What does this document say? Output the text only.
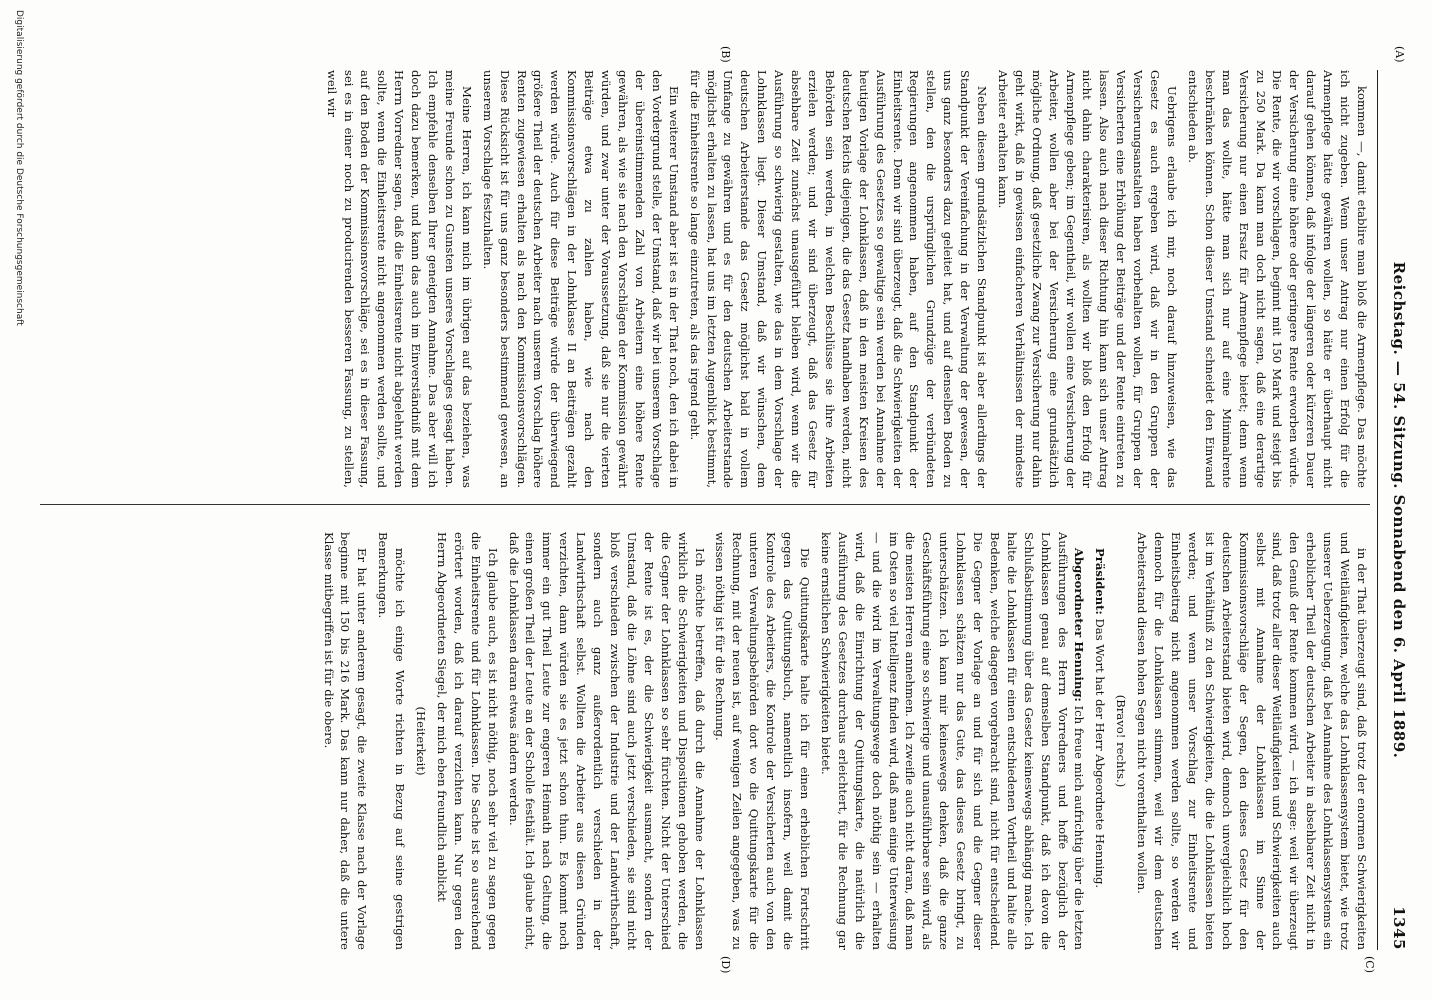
Reichstag. — 54. Sitzung. Sonnabend den 6. April 1889.
1345
(A)
(C)
(B)
(D)

kommen —, damit etablire man bloß die Armenpflege. Das möchte ich nicht zugeben. Wenn unser Antrag nur einen Erfolg für die Armenpflege hätte gewähren wollen, so hätte er überhaupt nicht darauf gehen können, daß infolge der längeren oder kürzeren Dauer der Versicherung eine höhere oder geringere Rente erworben würde. Die Rente, die wir vorschlagen, beginnt mit 150 Mark und steigt bis zu 250 Mark. Da kann man doch nicht sagen, daß eine derartige Versicherung nur einen Ersatz für Armenpflege bietet; denn wenn man das wollte, hätte man sich nur auf eine Minimalrente beschränken können. Schon dieser Umstand schneidet den Einwand entschieden ab.

Uebrigens erlaube ich mir, noch darauf hinzuweisen, wie das Gesetz es auch ergeben wird, daß wir in den Gruppen der Versicherungsanstalten haben vorbehalten wollen, für Gruppen der Versicherten eine Erhöhung der Beiträge und der Rente eintreten zu lassen. Also auch nach dieser Richtung hin kann sich unser Antrag nicht dahin charakterisiren, als wollten wir bloß den Erfolg für Armenpflege geben; im Gegentheil, wir wollen eine Versicherung der Arbeiter, wollen aber bei der Versicherung eine grundsätzlich mögliche Ordnung, daß gesetzliche Zwang zur Versicherung nur dahin geht wirkt, daß in gewissen einfacheren Verhältnissen der mindeste Arbeiter erhalten kann.

Neben diesem grundsätzlichen Standpunkt ist aber allerdings der Standpunkt der Vereinfachung in der Verwaltung der gewesen, der uns ganz besonders dazu geleitet hat, und auf denselben Boden zu stellen, den die ursprünglichen Grundzüge der verbündeten Regierungen angenommen haben, auf den Standpunkt der Einheitsrente. Denn wir sind überzeugt, daß die Schwierigkeiten der Ausführung des Gesetzes so gewaltige sein werden bei Annahme der heutigen Vorlage der Lohnklassen, daß in den meisten Kreisen des deutschen Reichs diejenigen, die das Gesetz handhaben werden, nicht Behörden sein werden, in welchen Beschlüsse sie ihre Arbeiten erzielen werden; und wir sind überzeugt, daß das Gesetz für absehbare Zeit zunächst unausgeführt bleiben wird, wenn wir die Ausführung so schwierig gestalten, wie das in dem Vorschlage der Lohnklassen liegt. Dieser Umstand, daß wir wünschen, dem deutschen Arbeiterstande das Gesetz möglichst bald in vollem Umfange zu gewähren und es für den deutschen Arbeiterstande möglichst erhalten zu lassen, hat uns im letzten Augenblick bestimmt, für die Einheitsrente so lange einzutreten, als das irgend geht.

Ein weiterer Umstand aber ist es in der That noch, den ich dabei in den Vordergrund stelle, der Umstand, daß wir bei unserem Vorschlage der übereinstimmenden Zahl von Arbeitern eine höhere Rente gewähren, als wie sie nach den Vorschlägen der Kommission gewährt würden, und zwar unter der Voraussetzung, daß sie nur die vierten Beiträge etwa zu zahlen haben, wie nach den Kommissionsvorschlägen in der Lohnklasse II an Beiträgen gezahlt werden würde. Auch für diese Beiträge würde der überwiegend größere Theil der deutschen Arbeiter nach unserem Vorschlag höhere Renten zugewiesen erhalten als nach den Kommissionsvorschlägen. Diese Rücksicht ist für uns ganz besonders bestimmend gewesen, an unserem Vorschlage festzuhalten.

Meine Herren, ich kann mich im übrigen auf das beziehen, was meine Freunde schon zu Gunsten unseres Vorschlages gesagt haben. Ich empfehle denselben Ihrer geneigten Annahme. Das aber will ich doch dazu bemerken, und kann das auch im Einverständniß mit dem Herrn Vorredner sagen, daß die Einheitsrente nicht abgelehnt werden sollte, wenn die Einheitsrente nicht angenommen werden sollte, und auf den Boden der Kommissionsvorschläge, sei es in dieser Fassung, sei es in einer noch zu producirenden besseren Fassung, zu stellen, weil wir

in der That überzeugt sind, daß trotz der enormen Schwierigkeiten und Weitläufigkeiten, welche das Lohnklassensystem bietet, wie trotz unserer Ueberzeugung, daß bei Annahme des Lohnklassensystems ein erheblicher Theil der deutschen Arbeiter in absehbarer Zeit nicht in den Genuß der Rente kommen wird, — ich sage: weil wir überzeugt sind, daß trotz aller dieser Weitläufigkeiten und Schwierigkeiten auch selbst mit Annahme der Lohnklassen im Sinne der Kommissionsvorschläge der Segen, den dieses Gesetz für den deutschen Arbeiterstand bieten wird, dennoch unvergleichlich hoch ist im Verhältniß zu den Schwierigkeiten, die die Lohnklassen bieten werden; und wenn unser Vorschlag zur Einheitsrente und Einheitsbeitrag nicht angenommen werden sollte, so werden wir dennoch für die Lohnklassen stimmen, weil wir dem deutschen Arbeiterstand diesen hohen Segen nicht vorenthalten wollen.

(Bravo! rechts.)

Präsident: Das Wort hat der Herr Abgeordnete Henning.

Abgeordneter Henning: Ich freue mich aufrichtig über die letzten Ausführungen des Herrn Vorredners und hoffe bezüglich der Lohnklassen genau auf demselben Standpunkt, daß ich davon die Schlußabstimmung über das Gesetz keineswegs abhängig mache. Ich halte die Lohnklassen für einen entschiedenen Vortheil und halte alle Bedenken, welche dagegen vorgebracht sind, nicht für entscheidend. Die Gegner der Vorlage an und für sich und die Gegner dieser Lohnklassen schätzen nur das Gute, das dieses Gesetz bringt, zu unterschätzen. Ich kann mir keineswegs denken, daß die ganze Geschäftsführung eine so schwierige und unausführbare sein wird, als die meisten Herren annehmen. Ich zweifle auch nicht daran, daß man im Osten so viel Intelligenz finden wird, daß man einige Unterweisung — und die wird im Verwaltungswege doch nöthig sein — erhalten wird, daß die Einrichtung der Quittungskarte, die natürlich die Ausführung des Gesetzes durchaus erleichtert, für die Rechnung gar keine ernstlichen Schwierigkeiten bietet.

Die Quittungskarte halte ich für einen erheblichen Fortschritt gegen das Quittungsbuch, namentlich insofern, weil damit die Kontrole des Arbeiters, die Kontrole der Versicherten auch von den unteren Verwaltungsbehörden dort wo die Quittungskarte für die Rechnung, mit der neuen ist, auf wenigen Zeilen angegeben, was zu wissen nöthig ist für die Rechnung.

Ich möchte betreffen, daß durch die Annahme der Lohnklassen wirklich die Schwierigkeiten und Dispositionen gehoben werden, die die Gegner der Lohnklassen so sehr fürchten. Nicht der Unterschied der Rente ist es, der die Schwierigkeit ausmacht, sondern der Umstand, daß die Löhne sind auch jetzt verschieden, sie sind nicht bloß verschieden zwischen der Industrie und der Landwirthschaft, sondern auch ganz außerordentlich verschieden in der Landwirthschaft selbst. Wollten die Arbeiter aus diesen Gründen verzichten, dann würden sie es jetzt schon thun. Es kommt noch immer ein gut Theil Leute zur engeren Heimath nach Geltung, die einen großen Theil der Leute an der Scholle festhält. Ich glaube nicht, daß die Lohnklassen daran etwas ändern werden.

Ich glaube auch, es ist nicht nöthig, noch sehr viel zu sagen gegen die Einheitsrente und für Lohnklassen. Die Sache ist so ausreichend erörtert worden, daß ich darauf verzichten kann. Nur gegen den Herrn Abgeordneten Siegel, der mich eben freundlich anblickt

(Heiterkeit)

möchte ich einige Worte richten in Bezug auf seine gestrigen Bemerkungen.

Er hat unter anderem gesagt, die zweite Klasse nach der Vorlage beginne mit 150 bis 216 Mark. Das kann nur daher, daß die untere Klasse mitbegriffen ist für die obere.

Digitalisierung gefördert durch die Deutsche Forschungsgemeinschaft
